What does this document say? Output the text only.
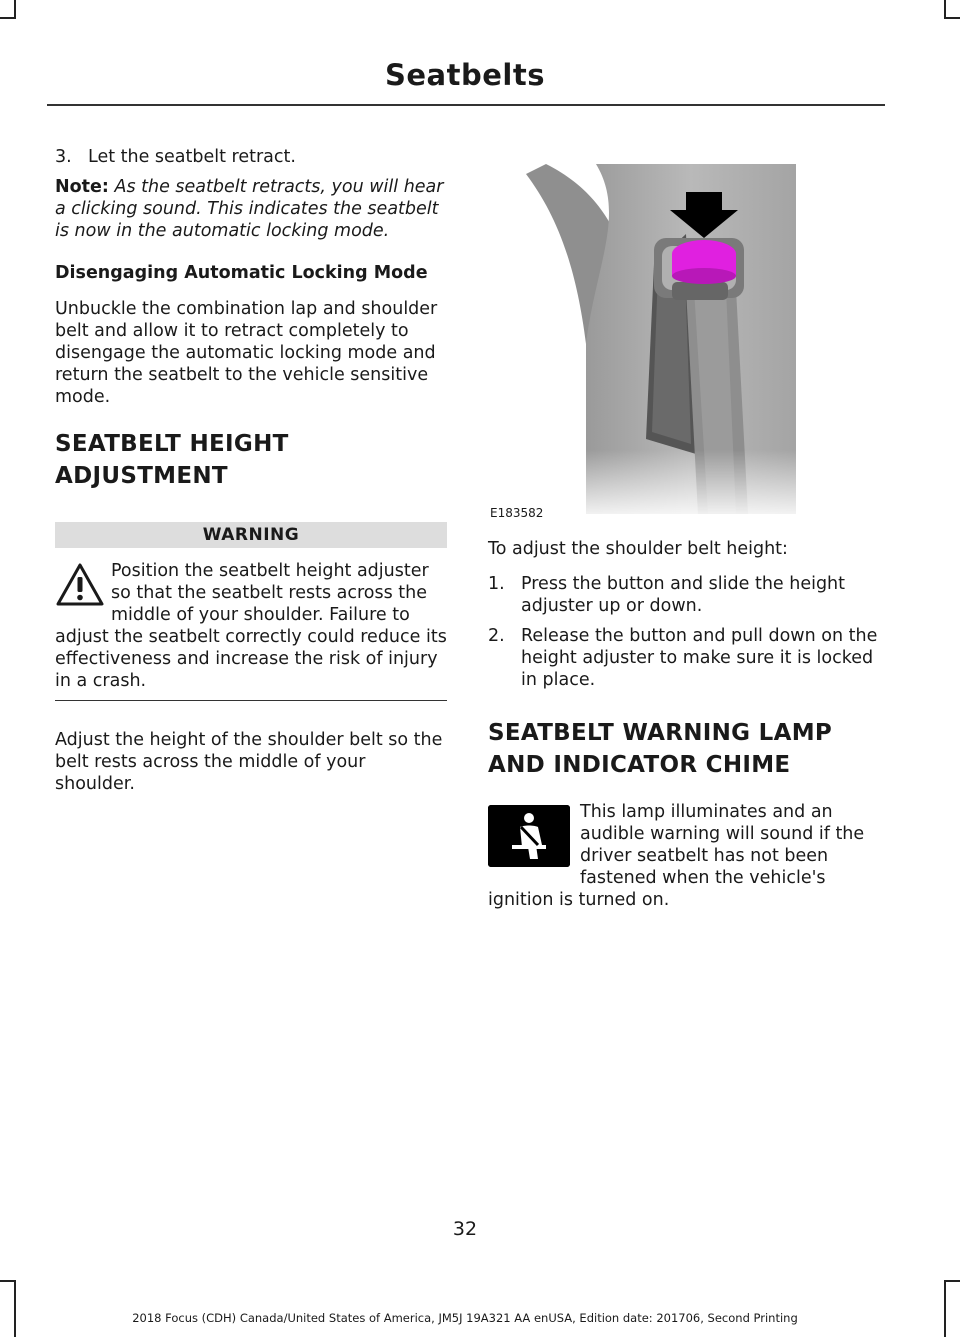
Seatbelts
3. Let the seatbelt retract.

Note: As the seatbelt retracts, you will hear a clicking sound. This indicates the seatbelt is now in the automatic locking mode.

Disengaging Automatic Locking Mode

Unbuckle the combination lap and shoulder belt and allow it to retract completely to disengage the automatic locking mode and return the seatbelt to the vehicle sensitive mode.

SEATBELT HEIGHT
ADJUSTMENT
WARNING
Position the seatbelt height adjuster so that the seatbelt rests across the middle of your shoulder. Failure to adjust the seatbelt correctly could reduce its effectiveness and increase the risk of injury in a crash.

Adjust the height of the shoulder belt so the belt rests across the middle of your shoulder.

E183582

To adjust the shoulder belt height:

1. Press the button and slide the height adjuster up or down.
2. Release the button and pull down on the height adjuster to make sure it is locked in place.
SEATBELT WARNING LAMP
AND INDICATOR CHIME
This lamp illuminates and an audible warning will sound if the driver seatbelt has not been fastened when the vehicle's ignition is turned on.
32
2018 Focus (CDH) Canada/United States of America, JM5J 19A321 AA enUSA, Edition date: 201706, Second Printing
